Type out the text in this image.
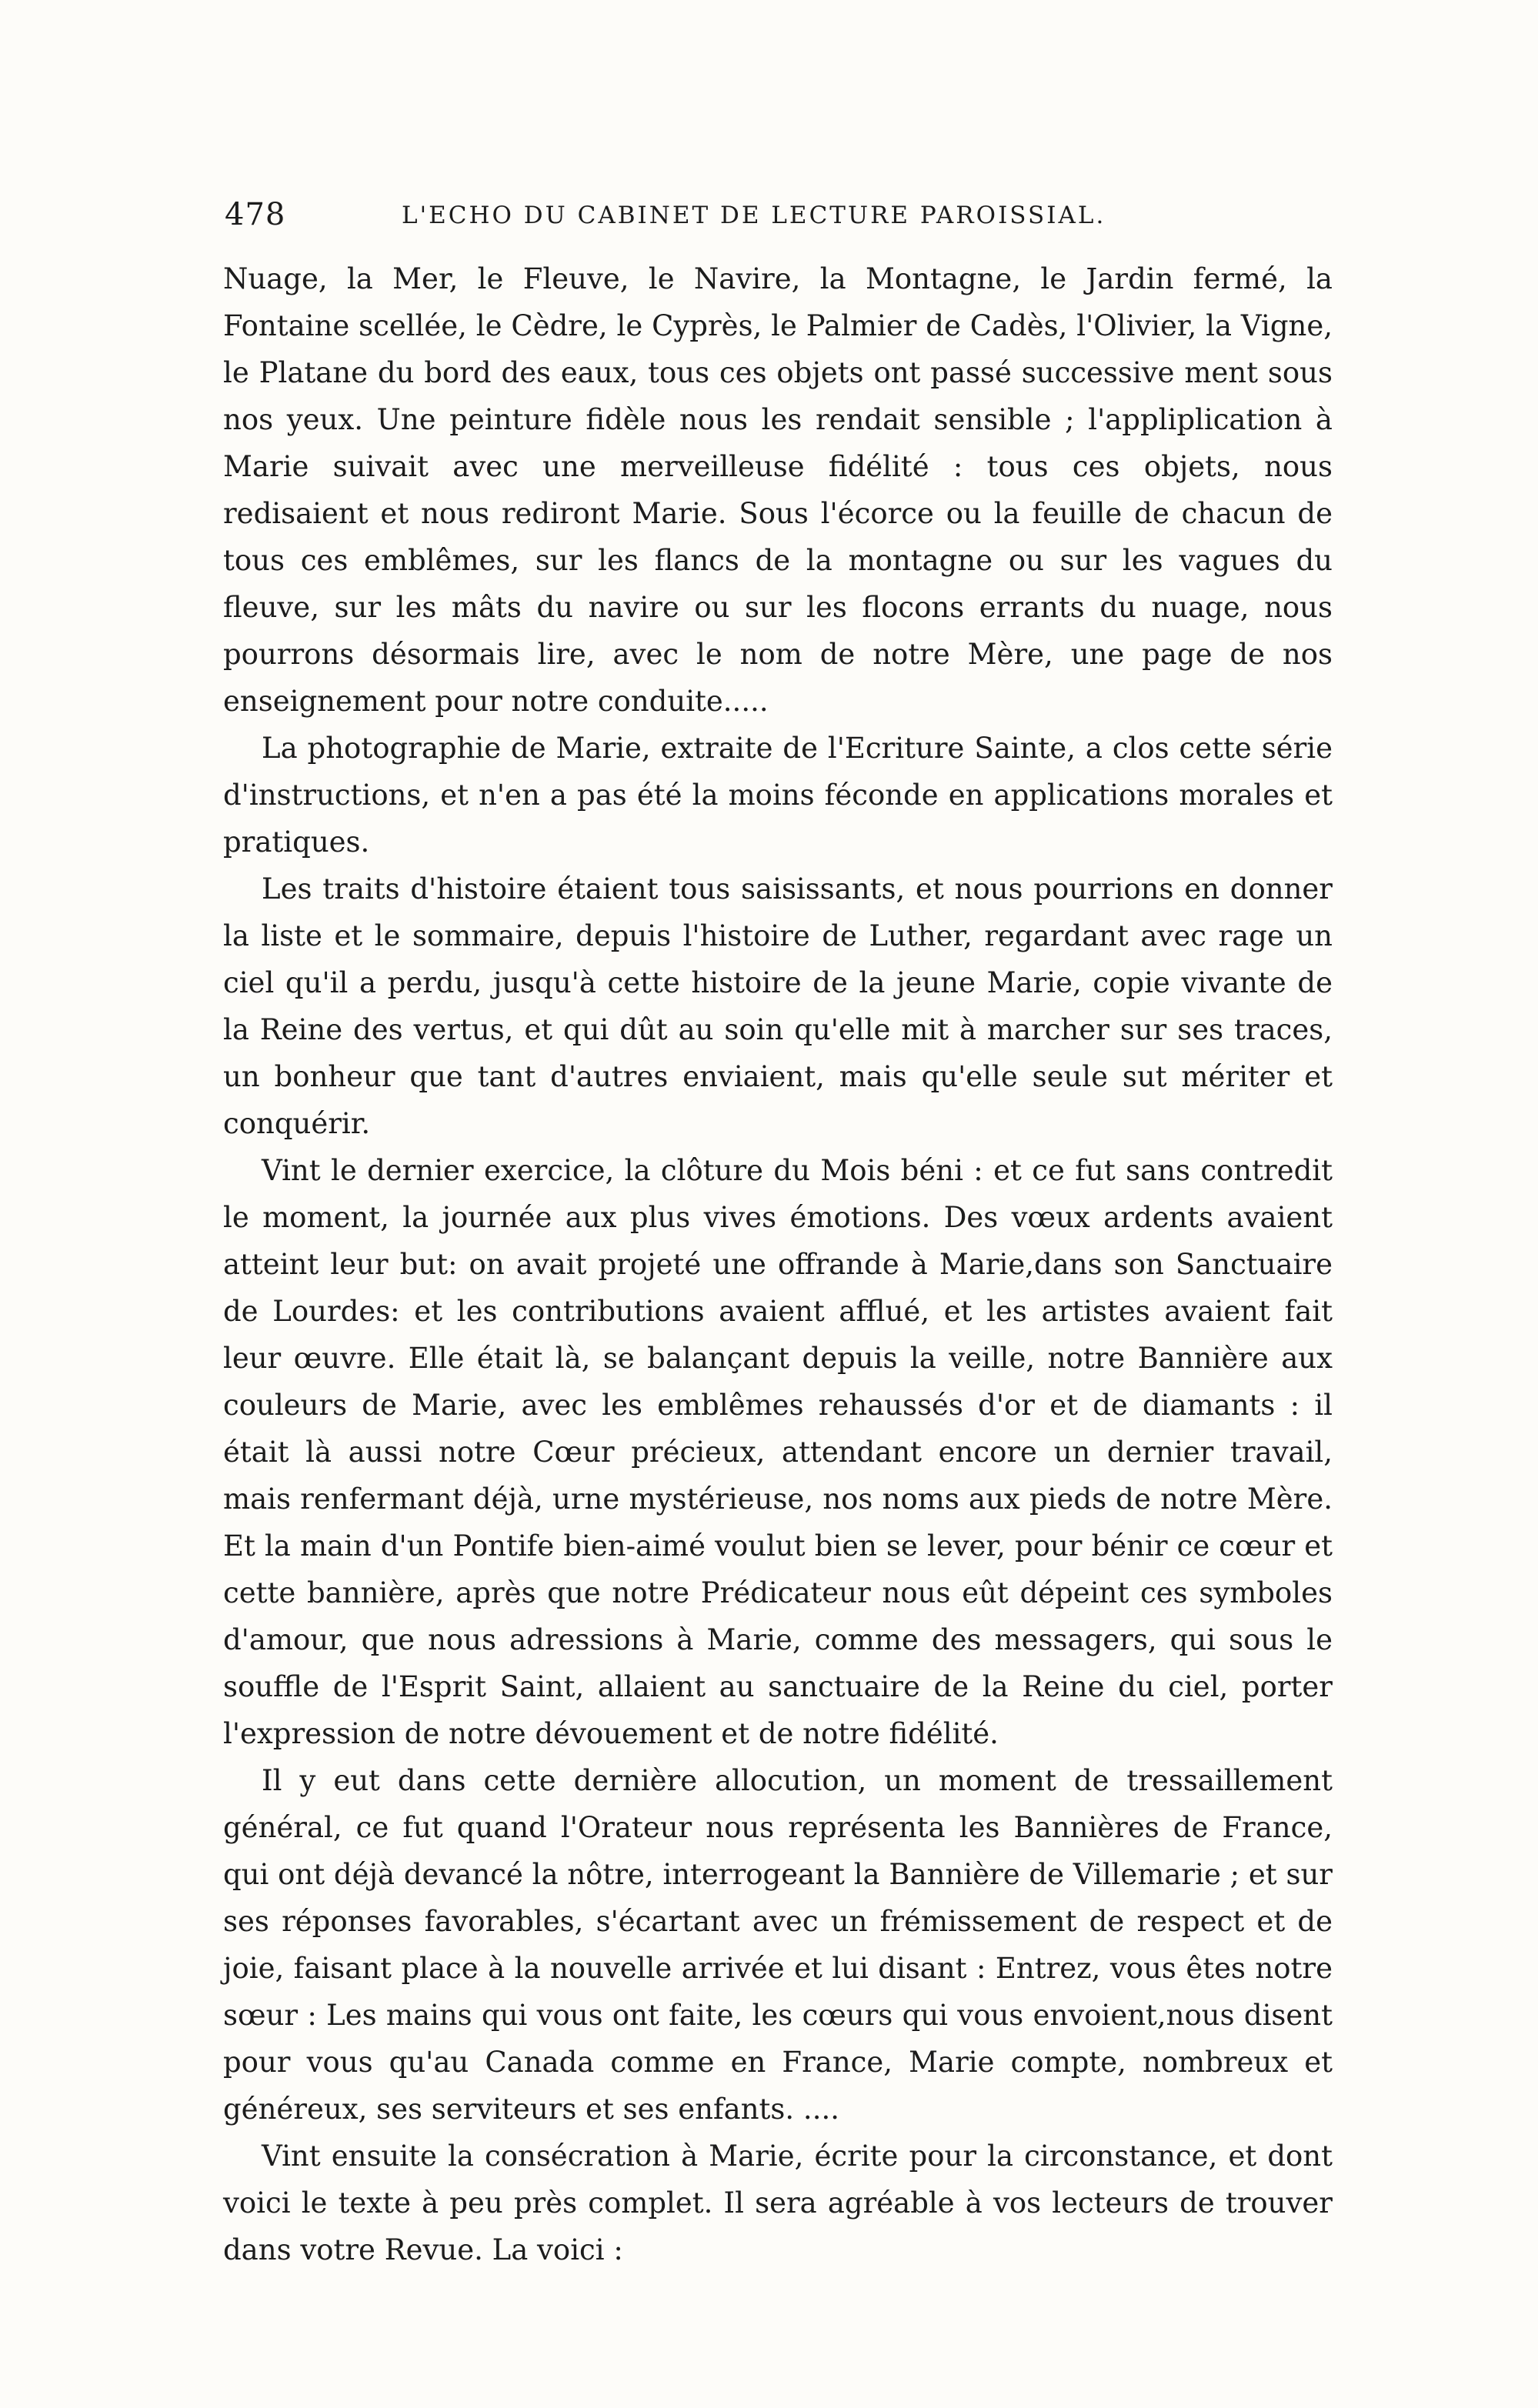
478	L'ECHO DU CABINET DE LECTURE PAROISSIAL.

Nuage, la Mer, le Fleuve, le Navire, la Montagne, le Jardin fermé, la Fontaine scellée, le Cèdre, le Cyprès, le Palmier de Cadès, l'Olivier, la Vigne, le Platane du bord des eaux, tous ces objets ont passé successive ment sous nos yeux. Une peinture fidèle nous les rendait sensible ; l'appliplication à Marie suivait avec une merveilleuse fidélité : tous ces objets, nous redisaient et nous rediront Marie. Sous l'écorce ou la feuille de chacun de tous ces emblêmes, sur les flancs de la montagne ou sur les vagues du fleuve, sur les mâts du navire ou sur les flocons errants du nuage, nous pourrons désormais lire, avec le nom de notre Mère, une page de nos enseignement pour notre conduite.....

La photographie de Marie, extraite de l'Ecriture Sainte, a clos cette série d'instructions, et n'en a pas été la moins féconde en applications morales et pratiques.

Les traits d'histoire étaient tous saisissants, et nous pourrions en donner la liste et le sommaire, depuis l'histoire de Luther, regardant avec rage un ciel qu'il a perdu, jusqu'à cette histoire de la jeune Marie, copie vivante de la Reine des vertus, et qui dût au soin qu'elle mit à marcher sur ses traces, un bonheur que tant d'autres enviaient, mais qu'elle seule sut mériter et conquérir.

Vint le dernier exercice, la clôture du Mois béni : et ce fut sans contredit le moment, la journée aux plus vives émotions. Des vœux ardents avaient atteint leur but: on avait projeté une offrande à Marie,dans son Sanctuaire de Lourdes: et les contributions avaient afflué, et les artistes avaient fait leur œuvre. Elle était là, se balançant depuis la veille, notre Bannière aux couleurs de Marie, avec les emblêmes rehaussés d'or et de diamants : il était là aussi notre Cœur précieux, attendant encore un dernier travail, mais renfermant déjà, urne mystérieuse, nos noms aux pieds de notre Mère. Et la main d'un Pontife bien-aimé voulut bien se lever, pour bénir ce cœur et cette bannière, après que notre Prédicateur nous eût dépeint ces symboles d'amour, que nous adressions à Marie, comme des messagers, qui sous le souffle de l'Esprit Saint, allaient au sanctuaire de la Reine du ciel, porter l'expression de notre dévouement et de notre fidélité.

Il y eut dans cette dernière allocution, un moment de tressaillement général, ce fut quand l'Orateur nous représenta les Bannières de France, qui ont déjà devancé la nôtre, interrogeant la Bannière de Villemarie ; et sur ses réponses favorables, s'écartant avec un frémissement de respect et de joie, faisant place à la nouvelle arrivée et lui disant : Entrez, vous êtes notre sœur : Les mains qui vous ont faite, les cœurs qui vous envoient,nous disent pour vous qu'au Canada comme en France, Marie compte, nombreux et généreux, ses serviteurs et ses enfants. ....

Vint ensuite la consécration à Marie, écrite pour la circonstance, et dont voici le texte à peu près complet. Il sera agréable à vos lecteurs de trouver dans votre Revue. La voici :
